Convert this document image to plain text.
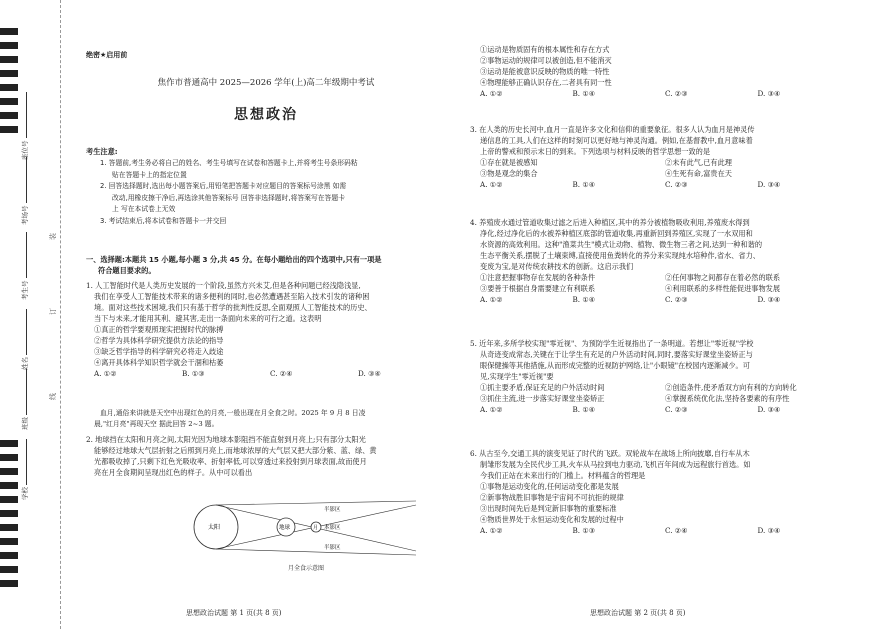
座位号
考场号
考生号
姓名
班级
学校
装
订
线
绝密★启用前
焦作市普通高中 2025—2026 学年(上)高二年级期中考试
思想政治
考生注意:
1. 答题前,考生务必将自己的姓名、考生号填写在试卷和答题卡上,并将考生号条形码粘
贴在答题卡上的指定位置
2. 回答选择题时,选出每小题答案后,用铅笔把答题卡对应题目的答案标号涂黑 如需
改动,用橡皮擦干净后,再选涂其他答案标号 回答非选择题时,将答案写在答题卡
上 写在本试卷上无效
3. 考试结束后,将本试卷和答题卡一并交回
一、选择题:本题共 15 小题,每小题 3 分,共 45 分。在每小题给出的四个选项中,只有一项是
符合题目要求的。
1. 人工智能时代是人类历史发展的一个阶段,虽然方兴未艾,但是各种问题已经浅隐浅显,
我们在享受人工智能技术带来的诸多便利的同时,也必然遭遇甚至陷入技术引发的诸种困
境。面对这些技术困境,我们只有基于哲学的批判性反思,全面观照人工智能技术的历史、
当下与未来,才能用其利、避其害,走出一条面向未来的可行之道。这表明
①真正的哲学要观照现实把握时代的脉搏
②哲学为具体科学研究提供方法论的指导
③缺乏哲学指导的科学研究必将走入歧途
④离开具体科学知识哲学就会干涸和枯萎
A. ①②	B. ①③	C. ②④	D. ③④
血月,通俗来讲就是天空中出现红色的月亮,一般出现在月全食之时。2025 年 9 月 8 日凌
晨,"红月亮"再现天空 据此回答 2~3 题。
2. 地球挡在太阳和月亮之间,太阳光因为地球本影阻挡不能直射到月亮上;只有部分太阳光
能够经过地球大气层折射之后照到月亮上,而地球浓厚的大气层又把大部分紫、蓝、绿、黄
光都吸收掉了,只剩下红色光吸收率、折射率低,可以穿透过来投射到月球表面,故而使月
亮在月全食期间呈现出红色的样子。从中可以看出
太阳	地球	月
半影区
本影区
半影区
月全食示意图
思想政治试题 第 1 页(共 8 页)
①运动是物质固有的根本属性和存在方式
②事物运动的规律可以被创造,但不能消灭
③运动是能被意识反映的物质的唯一特性
④物理能够正确认识存在,二者具有同一性
A. ①②	B. ①④	C. ②③	D. ③④
3. 在人类的历史长河中,血月一直是许多文化和信仰的重要象征。很多人认为血月是神灵传
递信息的工具,人们在这样的时刻可以更好地与神灵沟通。例如,在基督教中,血月意味着
上帝的警戒和预示末日的到来。下列选项与材料反映的哲学思想一致的是
①存在就是被感知	②未有此气,已有此理
③物是观念的集合	④生死有命,富贵在天
A. ①②	B. ①④	C. ②③	D. ③④
4. 养殖废水通过管道收集过滤之后进入种植区,其中的养分被植物吸收利用,养殖废水得到
净化,经过净化后的水被养种植区底部的管道收集,再重新回到养殖区,实现了一水双用和
水资源的高效利用。这种"渔菜共生"模式让动物、植物、微生物三者之间,达到一种和谐的
生态平衡关系,摆脱了土壤束缚,直接使用鱼粪转化的养分来实现纯水培种作,省水、省力、
变废为宝,是对传统农耕技术的创新。这启示我们
①注意把握事物存在发展的各种条件	②任何事物之间都存在着必然的联系
③要善于根据自身需要建立有利联系	④利用联系的多样性能促进事物发展
A. ①②	B. ①④	C. ②③	D. ③④
5. 近年来,多所学校实现"零近视"、为预防学生近视指出了一条明道。若想让"零近视"学校
从奇迹变成常态,关键在于让学生有充足的户外活动时间,同时,要落实好课堂坐姿矫正与
眼保健操等其他措施,从而形成完整的近视防护网络,让"小眼镜"在校园内逐渐减少。可
见,实现学生"零近视"要
①抓主要矛盾,保证充足的户外活动时间	②创造条件,使矛盾双方向有利的方向转化
③抓住主流,进一步落实好课堂坐姿矫正	④掌握系统优化法,坚持各要素的有序性
A. ①②	B. ①④	C. ②③	D. ③④
6. 从古至今,交通工具的演变见证了时代的飞跃。双轮战车在战场上所向披靡,自行车从木
制雏形发展为全民代步工具,火车从马拉到电力驱动,飞机百年间成为远程旅行首选。如
今我们正站在未来出行的门槛上。材料蕴含的哲理是
①事物是运动变化的,任何运动变化都是发展
②新事物战胜旧事物是宇宙间不可抗拒的规律
③出现时间先后是判定新旧事物的重要标准
④物质世界处于永恒运动变化和发展的过程中
A. ①②	B. ①③	C. ②④	D. ③④
思想政治试题 第 2 页(共 8 页)
